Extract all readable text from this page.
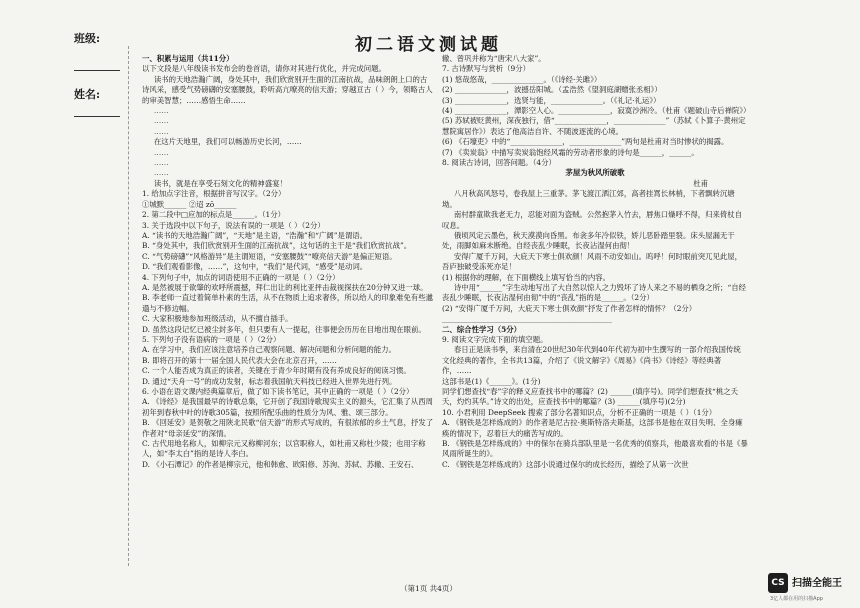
班级:
姓名:
初二语文测试题

一、积累与运用（共11分）

以下文段是八年级读书发布会的卷首语，请你对其进行优化，并完成问题。

读书的天地浩瀚广阔，身处其中，我们欣赏别开生面的江南抗战，品味朗朗上口的古诗风采，感受气势磅礴的安塞腰鼓，聆听高亢嘹亮的信天游；穿越亘古（ ）今，领略古人的审美智慧；……感悟生命……

……

……

……

在这片天地里，我们可以畅游历史长河，……

……

……

……

读书，就是在享受石刻文化的精神盛宴！

1. 给加点字注音，根据拼音写汉字。（2分）

①城默______ ②迢 zō______

2. 第二段中□应加的标点是______。（1分）

3. 关于选段中以下句子，说法有误的一项是（ ）（2分）

A. “读书的天地浩瀚广阔”，“天地”是主语，“浩瀚”和“广阔”是谓语。

B. “身处其中，我们欣赏别开生面的江南抗战”，这句话的主干是“我们欣赏抗战”。

C. “气势磅礴”“风格游异”是主谓短语，“安塞腰鼓”“嘹亮信天游”是偏正短语。

D. “我们观看影像，……”，这句中，“我们”是代词，“感受”是动词。

4. 下列句子中，加点的词语使用不正确的一项是（ ）（2分）

A. 是然被展于欲肇的欢呼所震撼，拜仁出让的利比亚抨击裁视探扶在20分钟又进一球。

B. 李老师一直过着简单朴素的生活，从不在物质上追求奢侈，所以给人的印象难免有些邋遢与不修边幅。

C. 大家积极地参加班级活动，从不擅自插手。

D. 虽然这段记忆已被尘封多年，但只要有人一提起，往事便会历历在目地出现在眼前。

5. 下列句子没有语病的一项是（ ）（2分）

A. 在学习中，我们应该注意培养自己观察问题、解决问题和分析问题的能力。

B. 即将召开的第十一届全国人民代表大会在北京召开，……

C. 一个人能否成为真正的读者，关键在于青少年时期有没有养成良好的阅读习惯。

D. 通过“天舟一号”的成功发射，标志着我国航天科技已经进入世界先进行列。

6. 小语在语文课内经典篇章后，做了如下读书笔记，其中正确的一项是（ ）（2分）

A. 《诗经》是我国最早的诗歌总集，它开创了我国诗歌现实主义的源头，它汇集了从西周初年到春秋中叶的诗歌305篇，按照所配乐曲的性质分为风、雅、颂三部分。

B. 《回延安》是贺敬之用陕北民歌“信天游”的形式写成的，有很浓郁的乡土气息，抒发了作者对“母亲延安”的深情。

C. 古代用地名称人，如柳宗元又称柳河东；以官职称人，如杜甫又称杜少陵；也用字称人，如“李太白”指的是诗人李白。

D. 《小石潭记》的作者是柳宗元，他和韩愈、欧阳修、苏洵、苏轼、苏辙、王安石、

辙、曾巩并称为“唐宋八大家”。

7. 古诗默写与赏析（9分）

(1) 悠哉悠哉，______________。（《诗经·关雎》）

(2) ______________，波撼岳阳城。（孟浩然《望洞庭湖赠张丞相》）

(3) ______________，选贤与能，______________。（《礼记·礼运》）

(4) ______________，潭影空人心。______________，寂寞沙洲冷。（杜甫《题破山寺后禅院》）

(5) 苏轼被贬黄州，深夜独行，借“______________，______________”（苏轼《卜算子·黄州定慧院寓居作》）表达了他高洁自许、不随波逐流的心境。

(6) 《石壕吏》中的“______________，______________”两句是杜甫对当时惨状的揭露。

(7) 《卖炭翁》中描写卖炭翁饱经风霜的劳动者形象的诗句是______，______。

8. 阅读古诗词，回答问题。（4分）

茅屋为秋风所破歌

杜甫

八月秋高风怒号，卷我屋上三重茅。茅飞渡江洒江郊，高者挂罥长林梢，下者飘转沉塘坳。

南村群童欺我老无力，忍能对面为盗贼。公然抱茅入竹去，唇焦口燥呼不得，归来倚杖自叹息。

俄顷风定云墨色，秋天漠漠向昏黑。布衾多年冷似铁，娇儿恶卧踏里裂。床头屋漏无干处，雨脚如麻未断绝。自经丧乱少睡眠，长夜沾湿何由彻！

安得广厦千万间，大庇天下寒士俱欢颜！风雨不动安如山。呜呼！何时眼前突兀见此屋，吾庐独破受冻死亦足！

(1) 根据你的理解，在下面横线上填写恰当的内容。

诗中用“______”字生动地写出了大自然以惊人之力毁坏了诗人来之不易的栖身之所；“自经丧乱少睡眠，长夜沾湿何由彻”中的“丧乱”指的是______。（2分）

(2) “安得广厦千万间，大庇天下寒士俱欢颜”抒发了作者怎样的情怀？（2分）

______________________________________________

二、综合性学习（5分）

9. 阅读文字完成下面的填空题。

春日正是读书季，来自清在20世纪30年代到40年代初为初中生撰写的一部介绍我国传统文化经典的著作，全书共13篇，介绍了《说文解字》《周易》《尚书》《诗经》等经典著作，……

这部书是(1)《______》。(1分)

同学们想查找“春”字的释义应查找书中的哪篇？(2) ______(填序号)。同学们想查找“桃之夭夭，灼灼其华。”诗文的出处，应查找书中的哪篇？(3) ______(填序号)(2分)

10. 小君利用 DeepSeek 搜索了部分名著知识点，分析不正确的一项是（ ）（1分）

A. 《钢铁是怎样炼成的》的作者是尼古拉·奥斯特洛夫斯基，这部书是他在双目失明、全身瘫痪的情况下，忍着巨大的痛苦写成的。

B. 《钢铁是怎样炼成的》中的保尔在骑兵部队里是一名优秀的侦察兵，他最喜欢看的书是《暴风雨所诞生的》。

C. 《钢铁是怎样炼成的》这部小说通过保尔的成长经历，描绘了从第一次世

（第1页 共4页）
CS 扫描全能王
3亿人都在用的扫描App
